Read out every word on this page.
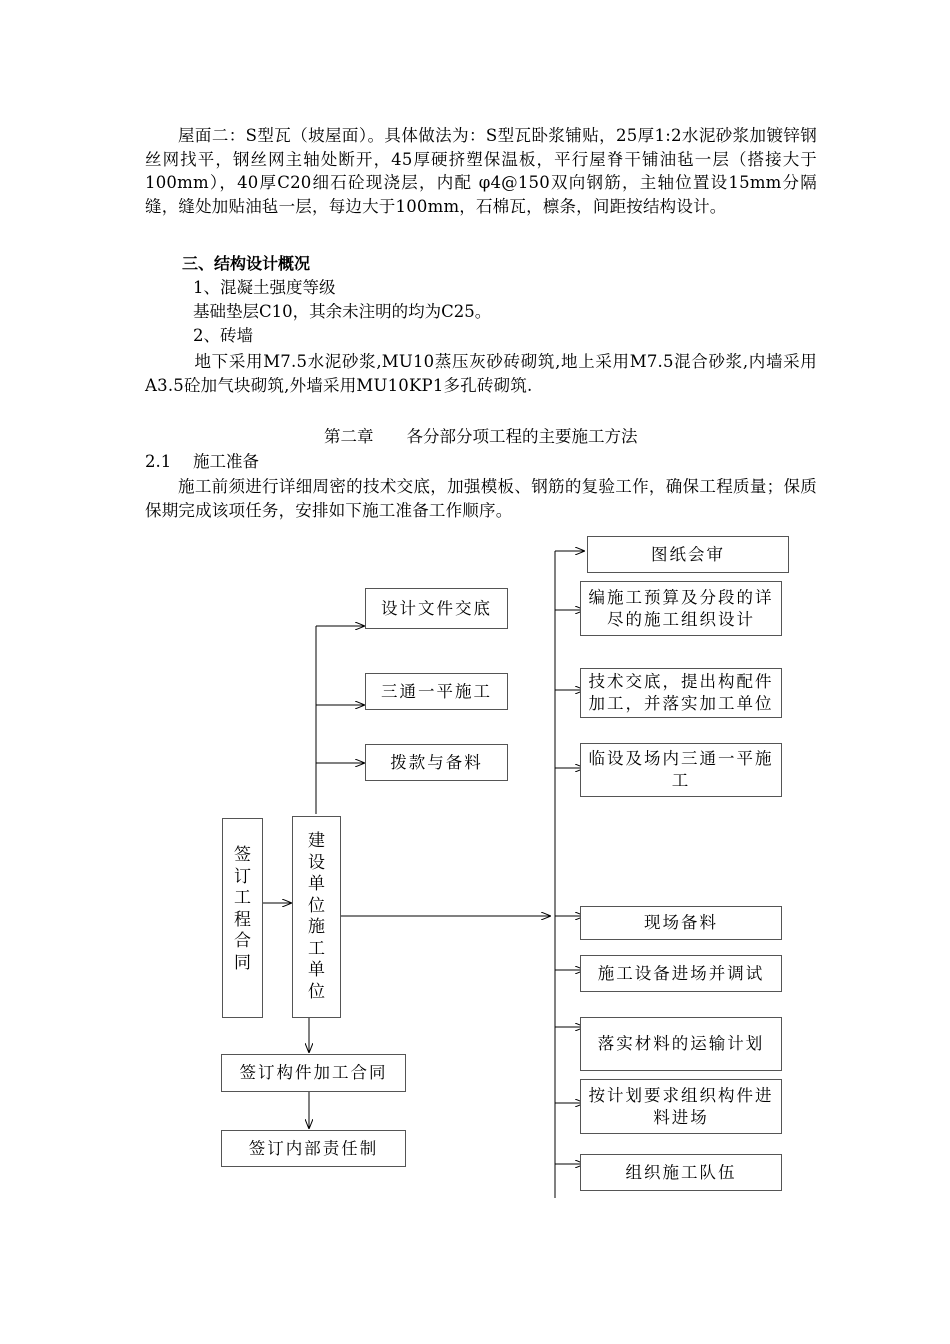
屋面二：S型瓦（坡屋面）。具体做法为：S型瓦卧浆铺贴，25厚1:2水泥砂浆加镀锌钢丝网找平，钢丝网主轴处断开，45厚硬挤塑保温板，平行屋脊干铺油毡一层（搭接大于100mm），40厚C20细石砼现浇层，内配 φ4@150双向钢筋，主轴位置设15mm分隔缝，缝处加贴油毡一层，每边大于100mm，石棉瓦，檩条，间距按结构设计。

三、结构设计概况

1、混凝土强度等级

基础垫层C10，其余未注明的均为C25。

2、砖墙

地下采用M7.5水泥砂浆,MU10蒸压灰砂砖砌筑,地上采用M7.5混合砂浆,内墙采用A3.5砼加气块砌筑,外墙采用MU10KP1多孔砖砌筑.

第二章　　各分部分项工程的主要施工方法

2.1 施工准备

施工前须进行详细周密的技术交底，加强模板、钢筋的复验工作，确保工程质量；保质保期完成该项任务，安排如下施工准备工作顺序。

签订工程合同
建设单位施工单位
设计文件交底
三通一平施工
拨款与备料
签订构件加工合同
签订内部责任制
图纸会审
编施工预算及分段的详尽的施工组织设计
技术交底，提出构配件加工，并落实加工单位
临设及场内三通一平施工
现场备料
施工设备进场并调试
落实材料的运输计划
按计划要求组织构件进料进场
组织施工队伍
